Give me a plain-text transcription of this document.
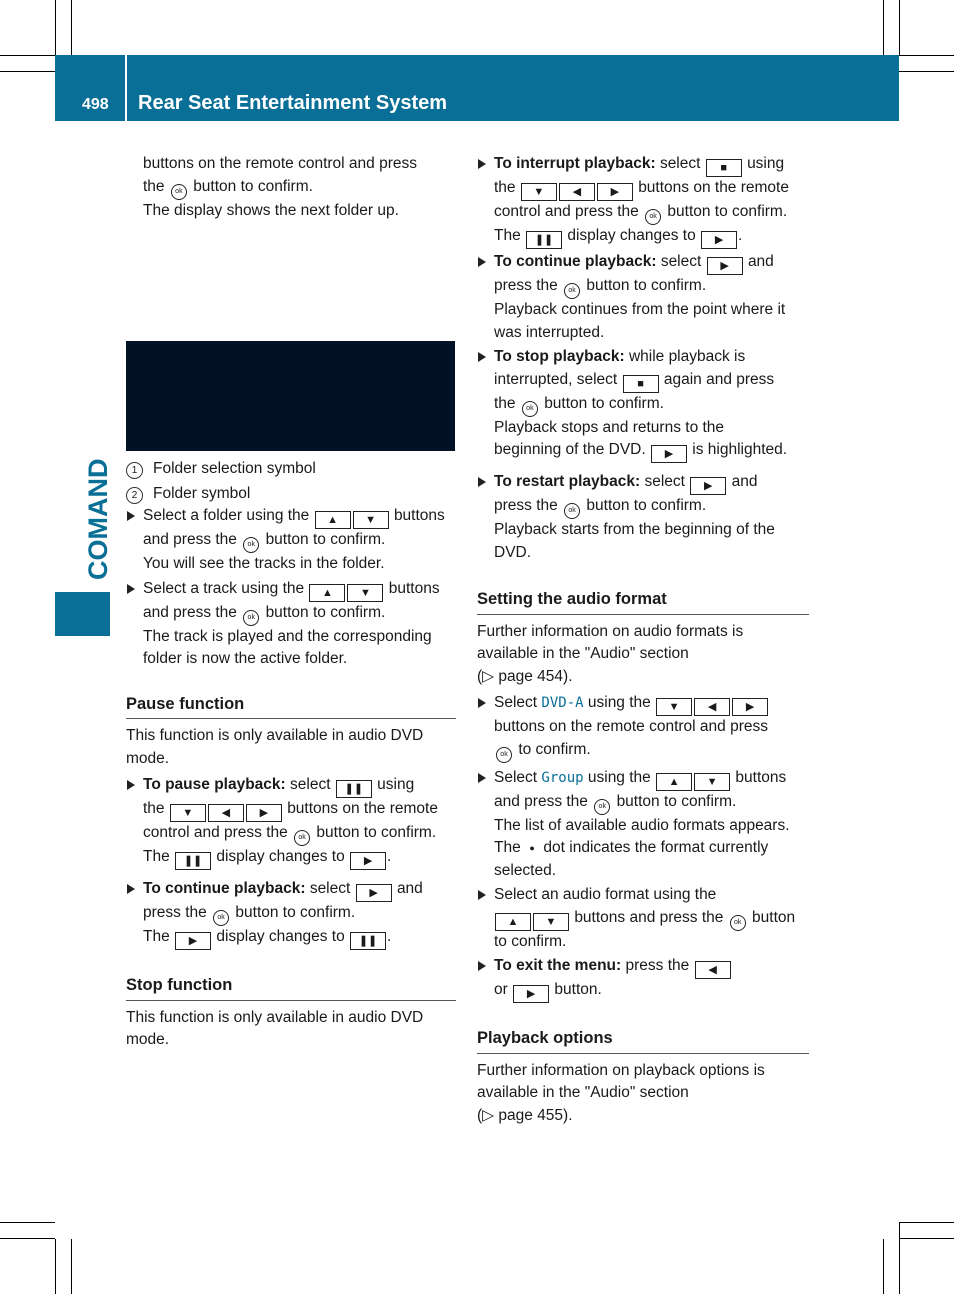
498 Rear Seat Entertainment System
COMAND

buttons on the remote control and press

the ok button to confirm.

The display shows the next folder up.

1 Folder selection symbol

2 Folder symbol

Select a folder using the ▲ ▼ buttons

and press the ok button to confirm.

You will see the tracks in the folder.

Select a track using the ▲ ▼ buttons

and press the ok button to confirm.

The track is played and the corresponding

folder is now the active folder.

Pause function

This function is only available in audio DVD

mode.

To pause playback: select ❚❚ using

the ▼	◀	▶ buttons on the remote

control and press the ok button to confirm.

The ❚❚ display changes to ▶ .

To continue playback: select ▶ and

press the ok button to confirm.

The ▶ display changes to ❚❚ .

Stop function

This function is only available in audio DVD

mode.

To interrupt playback: select ■ using

the ▼	◀	▶ buttons on the remote

control and press the ok button to confirm.

The ❚❚ display changes to ▶ .

To continue playback: select ▶ and

press the ok button to confirm.

Playback continues from the point where it

was interrupted.

To stop playback: while playback is

interrupted, select ■ again and press

the ok button to confirm.

Playback stops and returns to the

beginning of the DVD. ▶ is highlighted.

To restart playback: select ▶ and

press the ok button to confirm.

Playback starts from the beginning of the

DVD.

Setting the audio format

Further information on audio formats is

available in the "Audio" section

(▷ page 454).

Select DVD-A using the ▼	◀	▶

buttons on the remote control and press

ok to confirm.

Select Group using the ▲ ▼ buttons

and press the ok button to confirm.

The list of available audio formats appears.

The ● dot indicates the format currently

selected.

Select an audio format using the

▲ ▼ buttons and press the ok button

to confirm.

To exit the menu: press the ◀

or ▶ button.

Playback options

Further information on playback options is

available in the "Audio" section

(▷ page 455).
